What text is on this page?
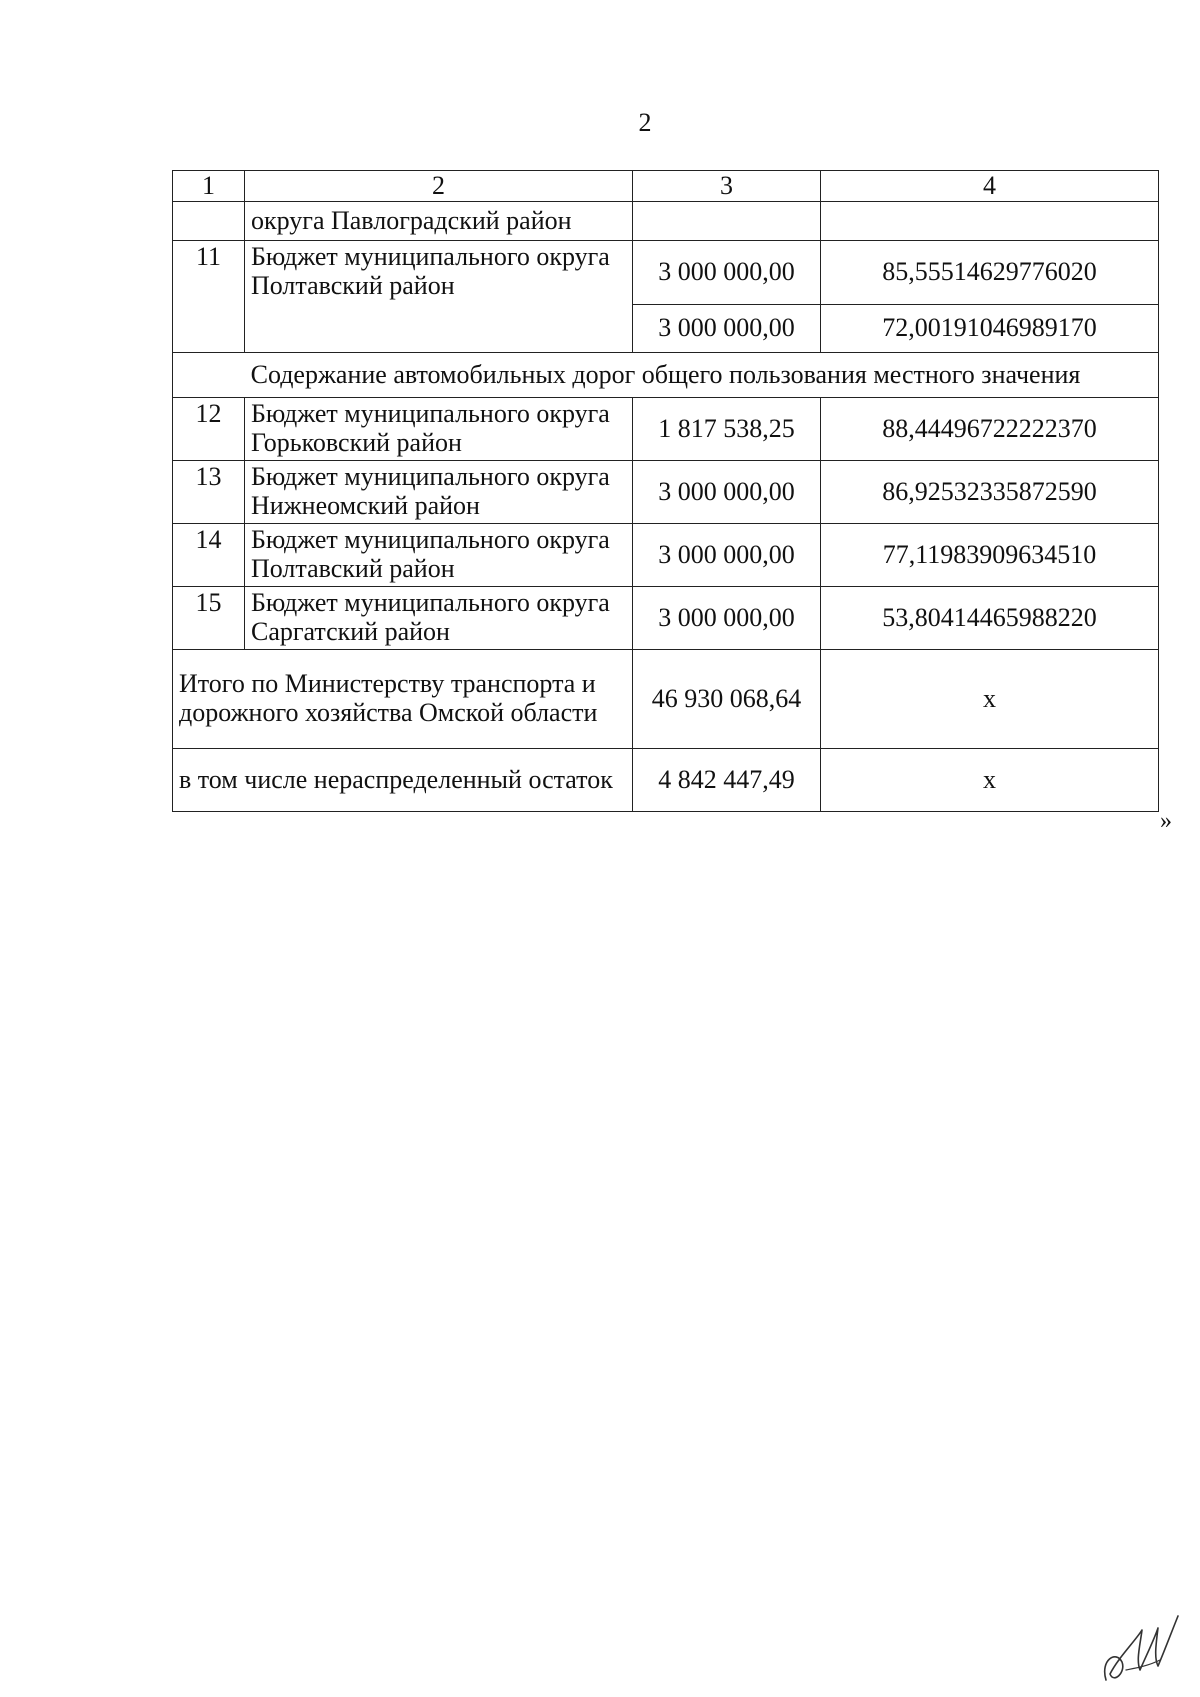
2
1	2	3	4
	округа Павлоградский район		
11	Бюджет муниципального округа Полтавский район	3 000 000,00	85,55514629776020
		3 000 000,00	72,00191046989170
Содержание автомобильных дорог общего пользования местного значения			
12	Бюджет муниципального округа Горьковский район	1 817 538,25	88,44496722222370
13	Бюджет муниципального округа Нижнеомский район	3 000 000,00	86,92532335872590
14	Бюджет муниципального округа Полтавский район	3 000 000,00	77,11983909634510
15	Бюджет муниципального округа Саргатский район	3 000 000,00	53,80414465988220
Итого по Министерству транспорта и дорожного хозяйства Омской области		46 930 068,64	х
в том числе нераспределенный остаток		4 842 447,49	х
»
